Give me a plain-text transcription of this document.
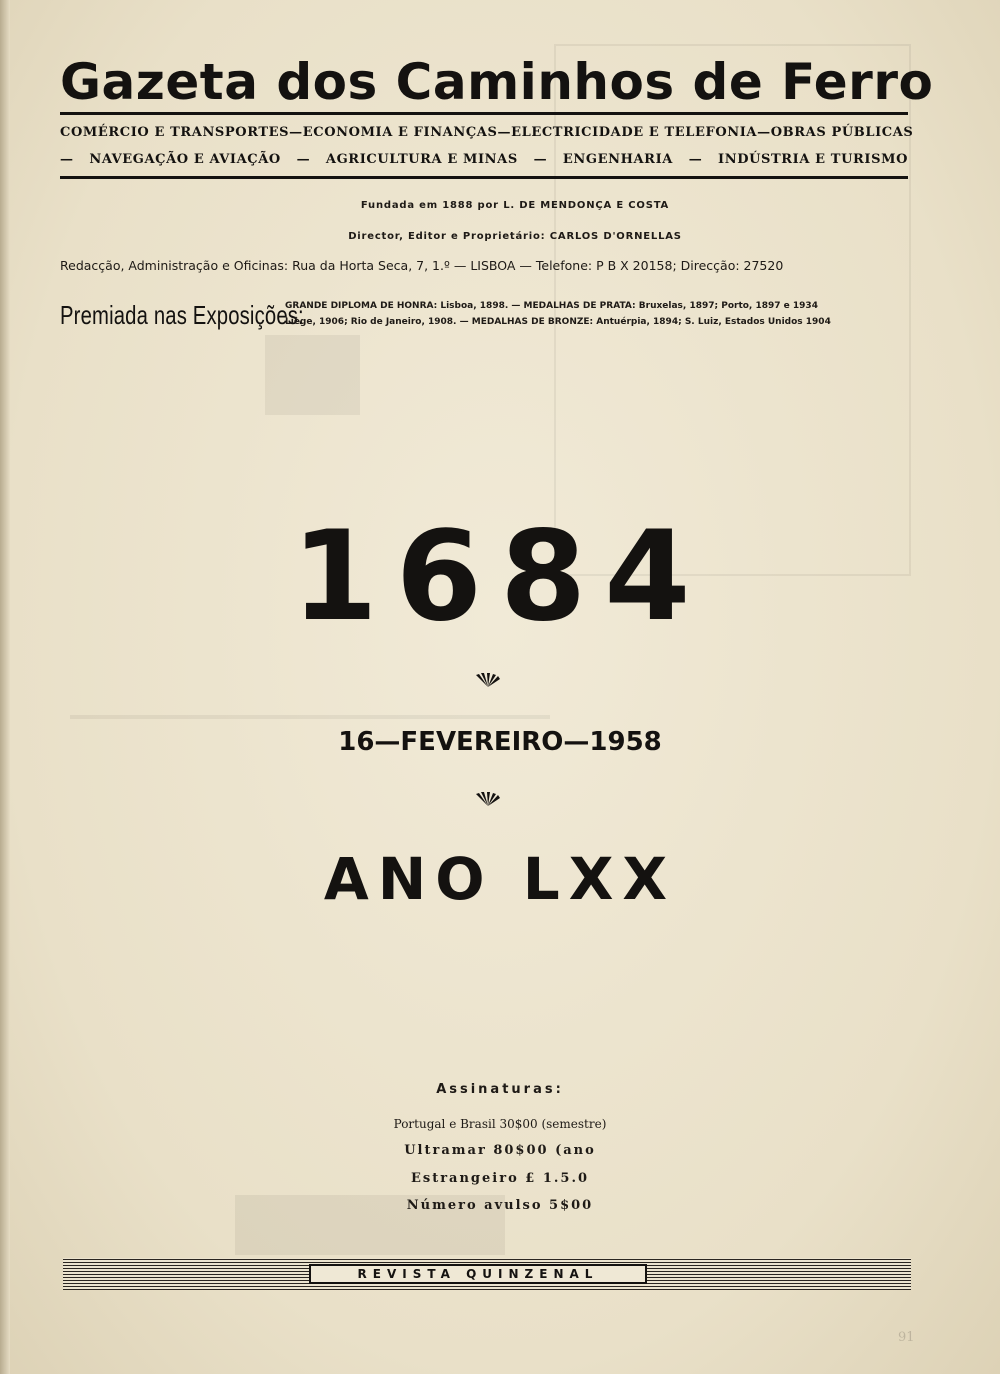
Gazeta dos Caminhos de Ferro
COMÉRCIO E TRANSPORTES — ECONOMIA E FINANÇAS — ELECTRICIDADE E TELEFONIA — OBRAS PÚBLICAS
— NAVEGAÇÃO E AVIAÇÃO — AGRICULTURA E MINAS — ENGENHARIA — INDÚSTRIA E TURISMO
Fundada em 1888 por L. DE MENDONÇA E COSTA
Director, Editor e Proprietário: CARLOS D'ORNELLAS
Redacção, Administração e Oficinas: Rua da Horta Seca, 7, 1.º — LISBOA — Telefone: P B X 20158; Direcção: 27520
Premiada nas Exposições:
GRANDE DIPLOMA DE HONRA: Lisboa, 1898. — MEDALHAS DE PRATA: Bruxelas, 1897; Porto, 1897 e 1934
Liège, 1906; Rio de Janeiro, 1908. — MEDALHAS DE BRONZE: Antuérpia, 1894; S. Luiz, Estados Unidos 1904
1684
16—FEVEREIRO—1958
ANO LXX
Assinaturas:
Portugal e Brasil 30$00 (semestre)
Ultramar 80$00 (ano
Estrangeiro £ 1.5.0
Número avulso 5$00
REVISTA QUINZENAL
91
